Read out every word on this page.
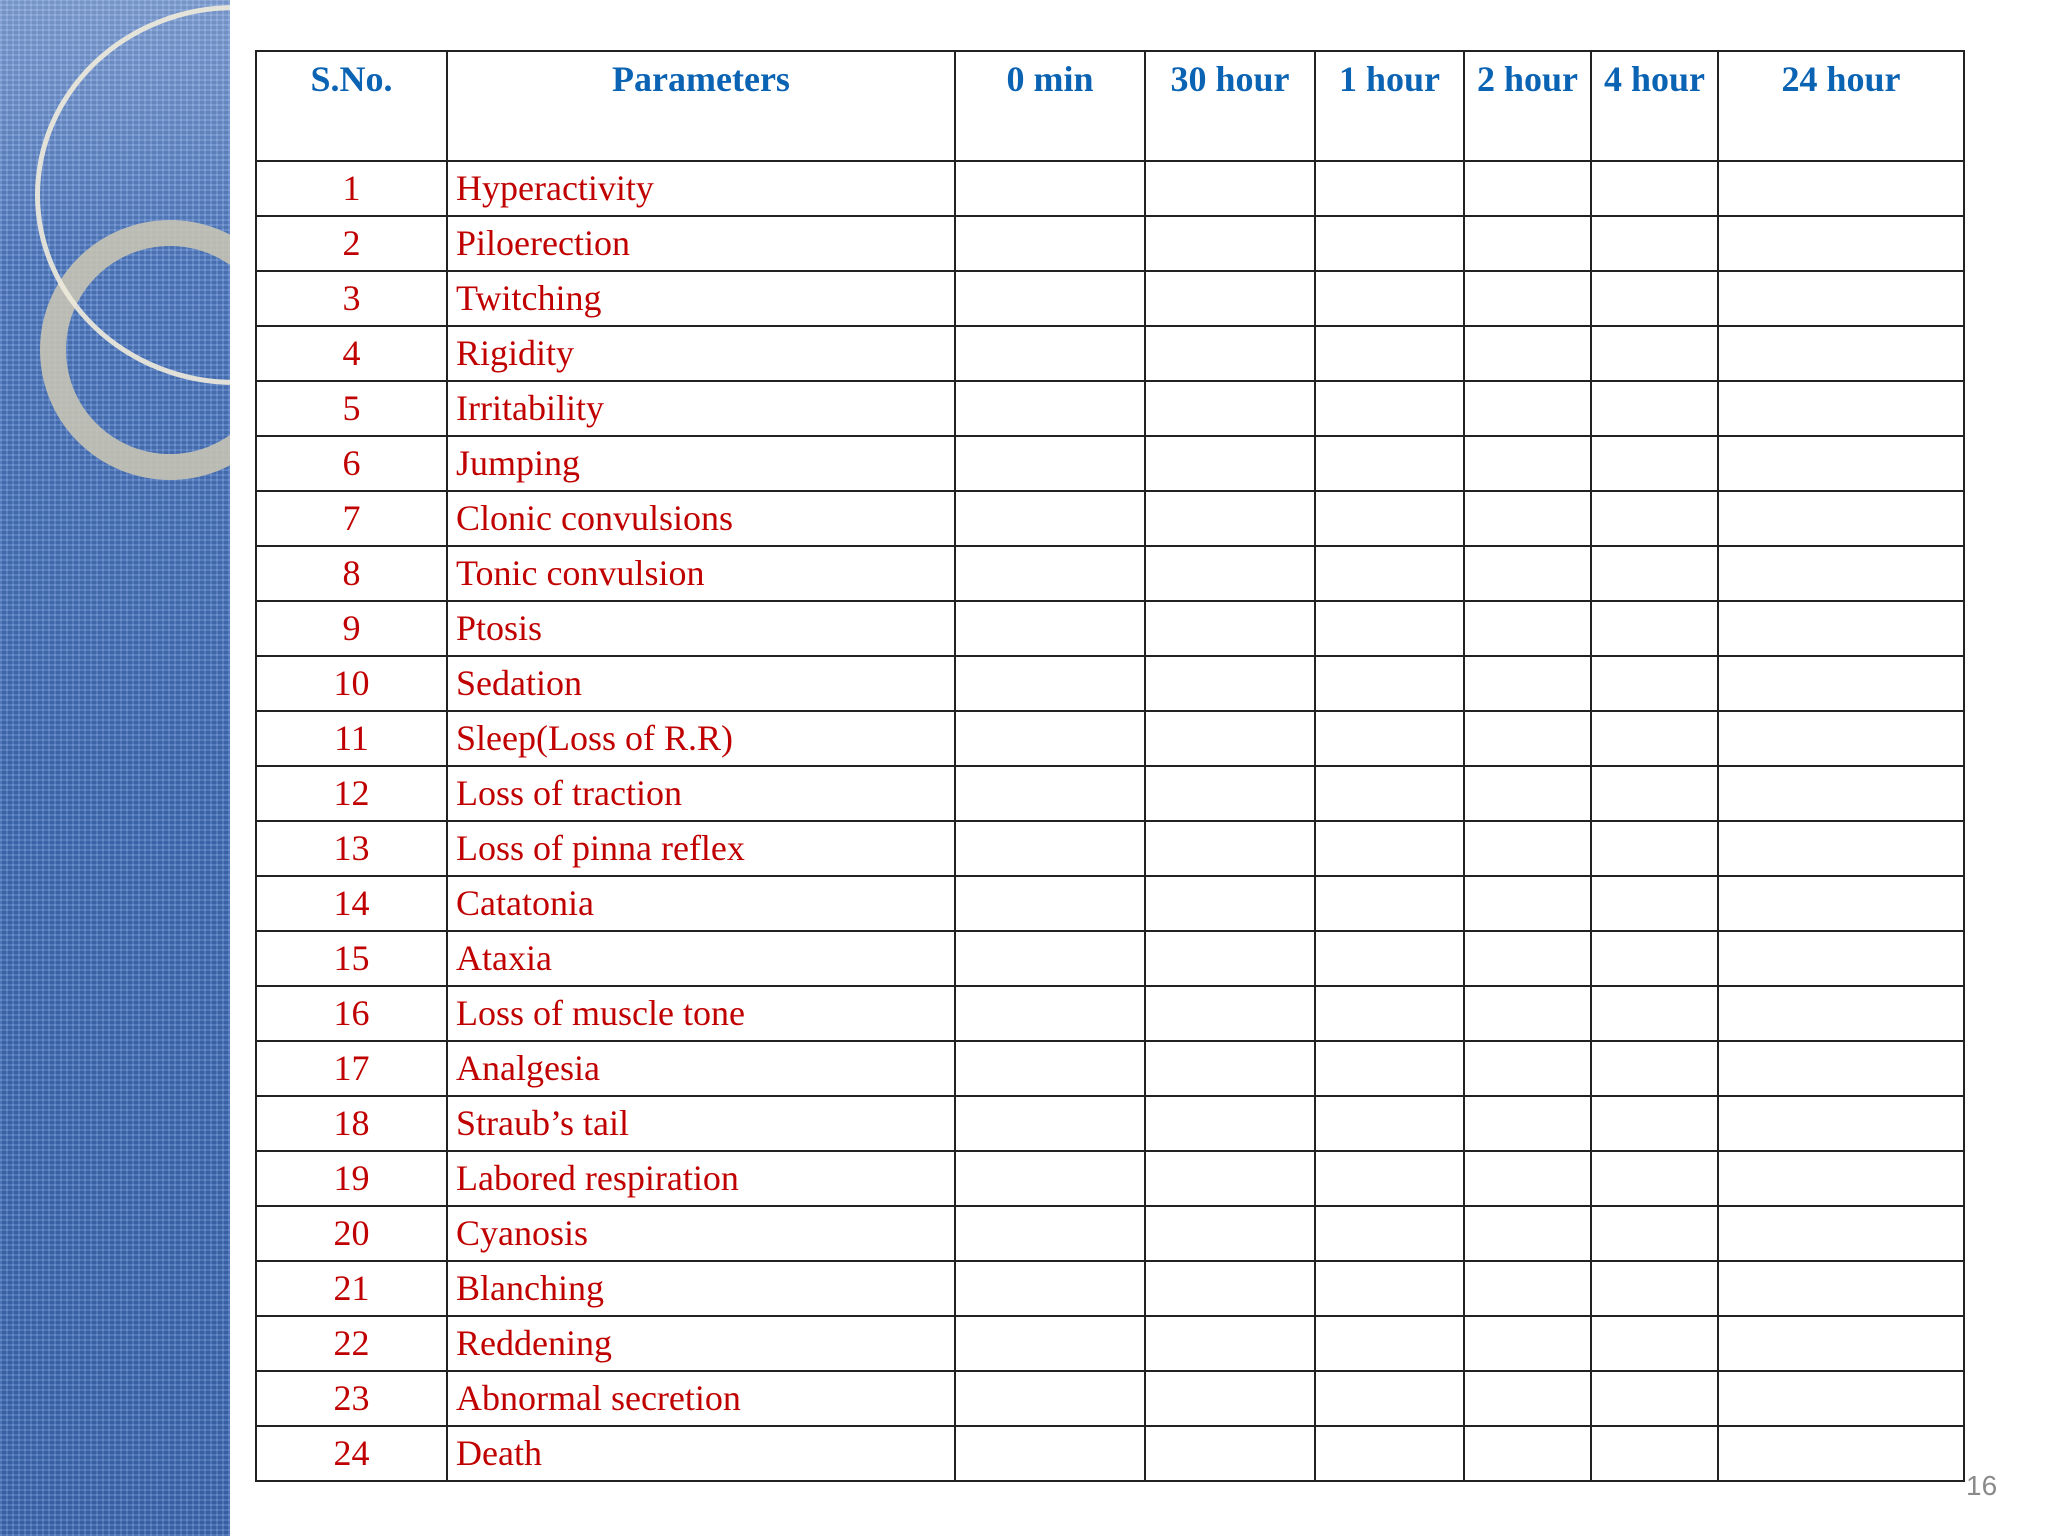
S.No.	Parameters	0 min	30 hour	1 hour	2 hour	4 hour	24 hour
1	Hyperactivity						
2	Piloerection						
3	Twitching						
4	Rigidity						
5	Irritability						
6	Jumping						
7	Clonic convulsions						
8	Tonic convulsion						
9	Ptosis						
10	Sedation						
11	Sleep(Loss of R.R)						
12	Loss of traction						
13	Loss of pinna reflex						
14	Catatonia						
15	Ataxia						
16	Loss of muscle tone						
17	Analgesia						
18	Straub’s tail						
19	Labored respiration						
20	Cyanosis						
21	Blanching						
22	Reddening						
23	Abnormal secretion						
24	Death						
16
